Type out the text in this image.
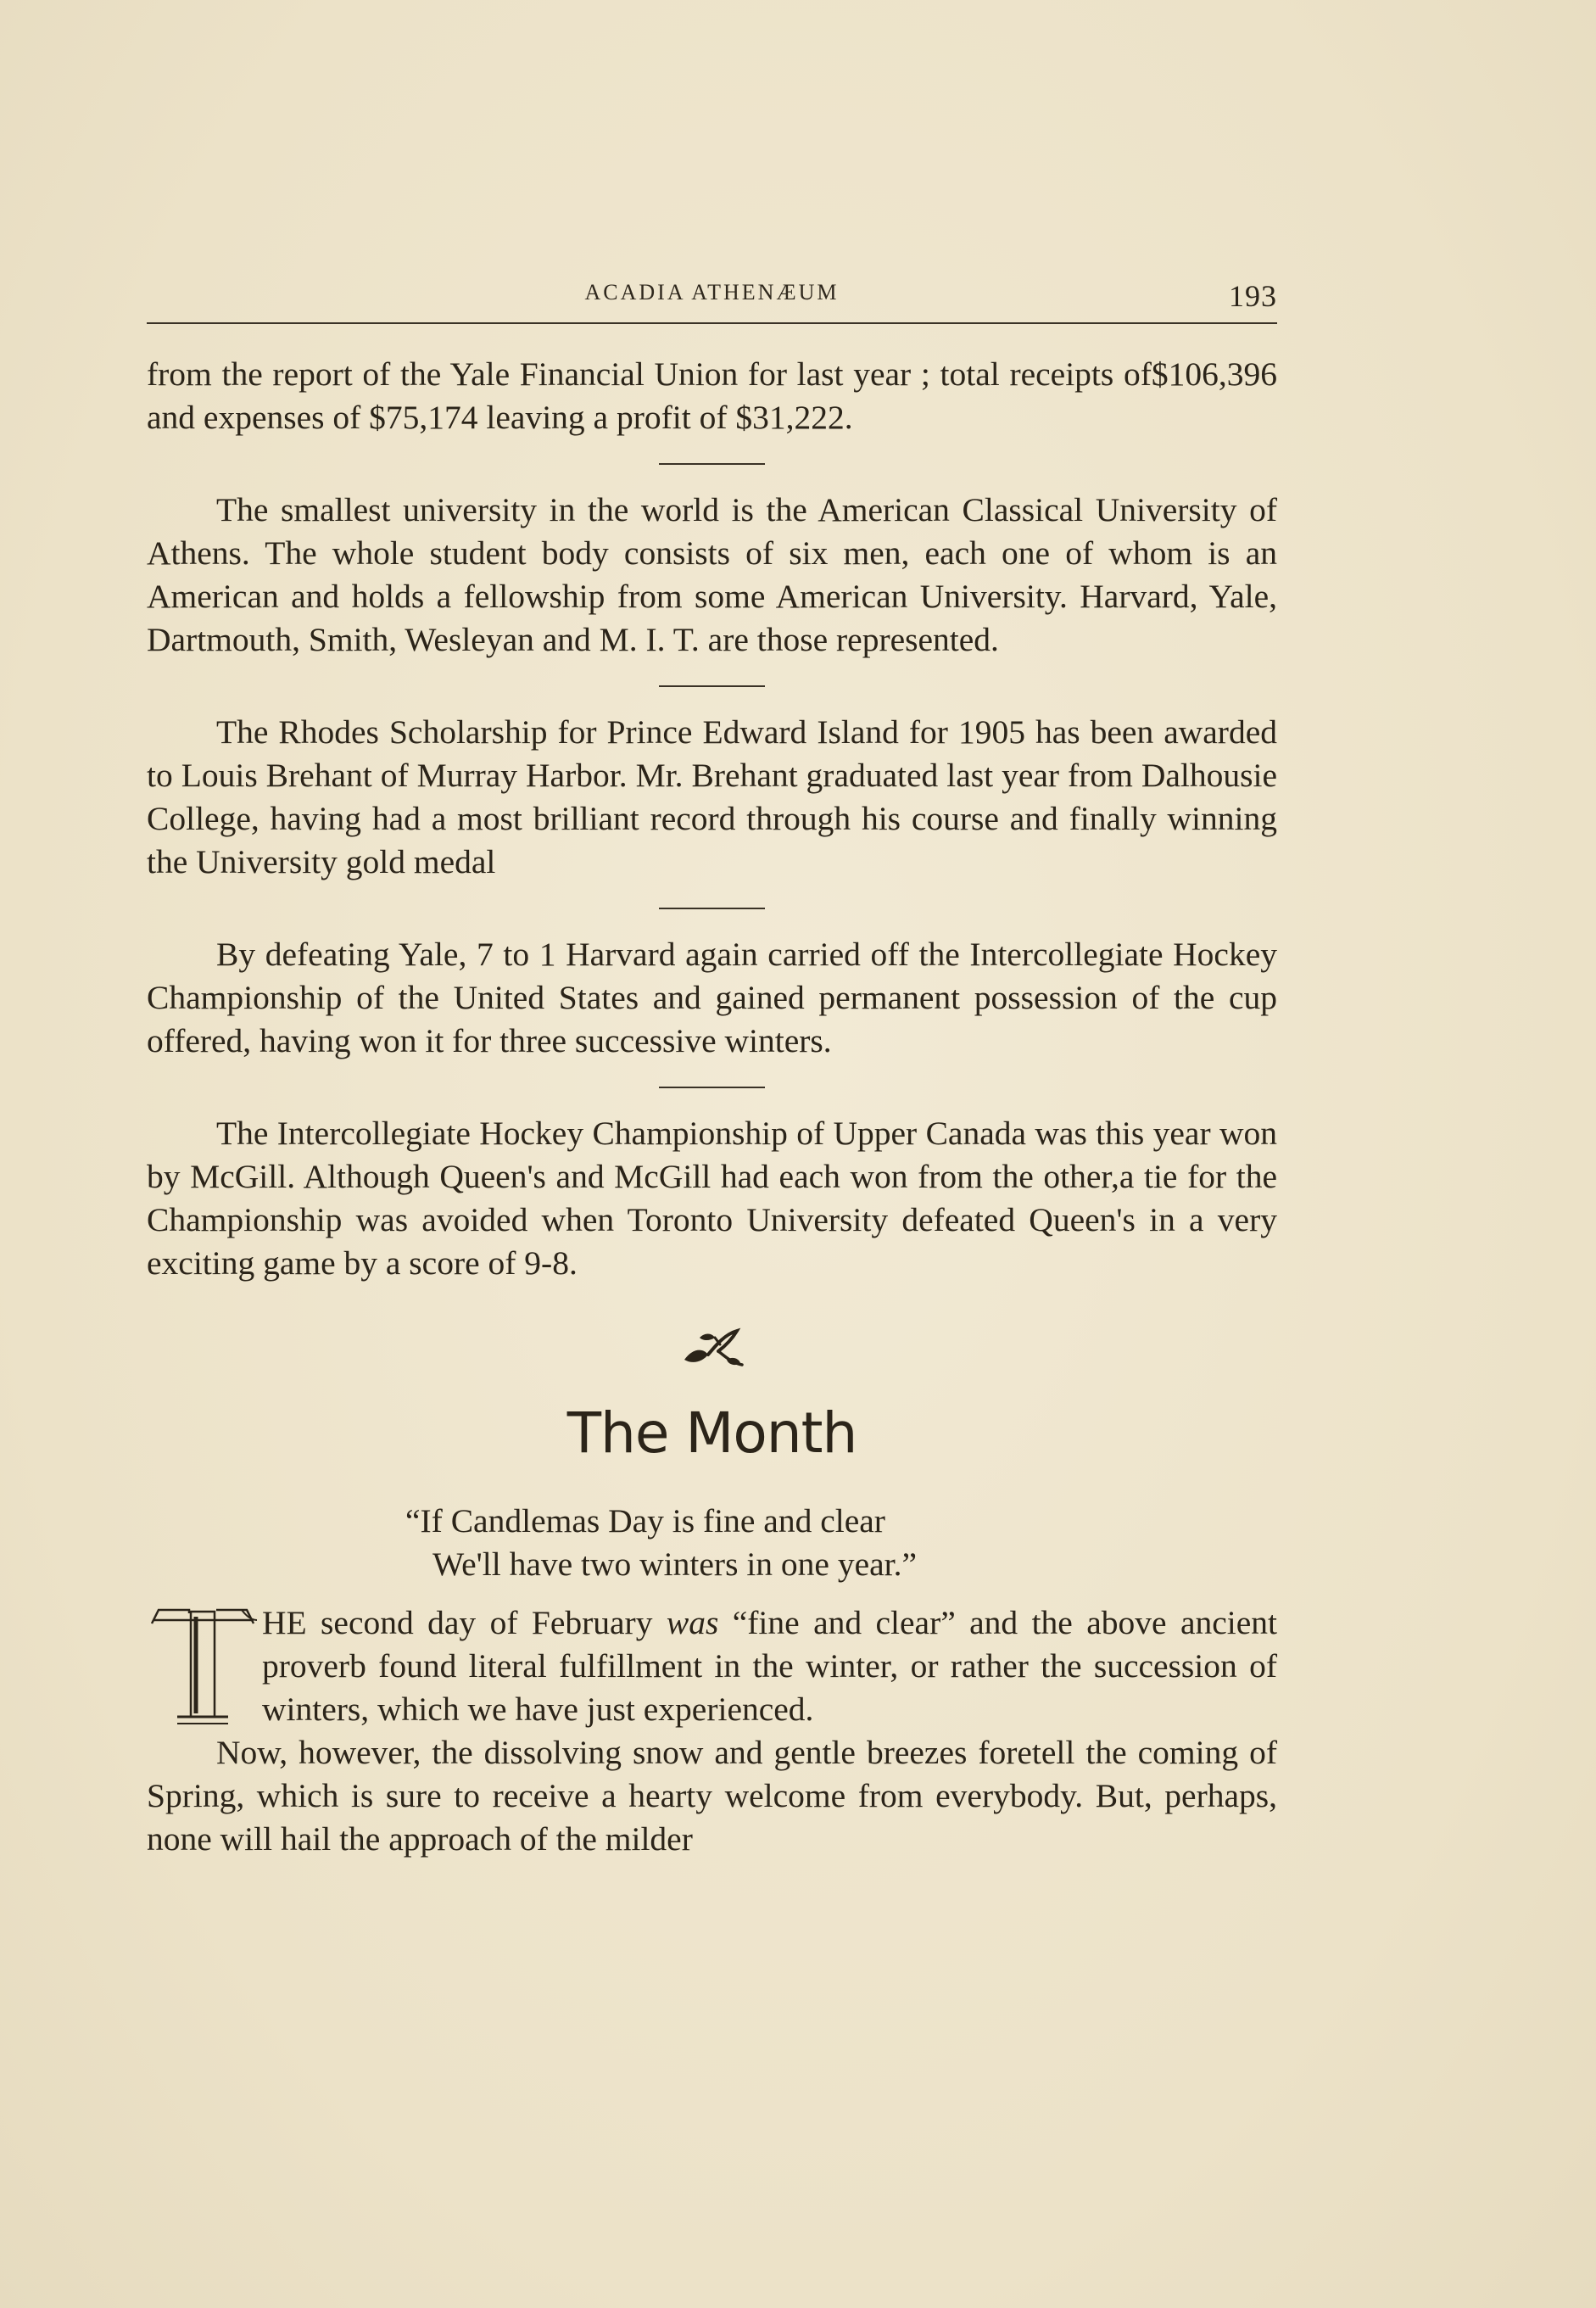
ACADIA ATHENÆUM	193

from the report of the Yale Financial Union for last year ; total receipts of$106,396 and expenses of $75,174 leaving a profit of $31,222.

The smallest university in the world is the American Classical University of Athens. The whole student body consists of six men, each one of whom is an American and holds a fellowship from some American University. Harvard, Yale, Dartmouth, Smith, Wesleyan and M. I. T. are those represented.

The Rhodes Scholarship for Prince Edward Island for 1905 has been awarded to Louis Brehant of Murray Harbor. Mr. Brehant graduated last year from Dalhousie College, having had a most brilliant record through his course and finally winning the University gold medal

By defeating Yale, 7 to 1 Harvard again carried off the Intercollegiate Hockey Championship of the United States and gained permanent possession of the cup offered, having won it for three successive winters.

The Intercollegiate Hockey Championship of Upper Canada was this year won by McGill. Although Queen's and McGill had each won from the other,a tie for the Championship was avoided when Toronto University defeated Queen's in a very exciting game by a score of 9-8.

The Month
“If Candlemas Day is fine and clear
We'll have two winters in one year.”

HE second day of February was “fine and clear” and the above ancient proverb found literal fulfillment in the winter, or rather the succession of winters, which we have just experienced.

Now, however, the dissolving snow and gentle breezes foretell the coming of Spring, which is sure to receive a hearty welcome from everybody. But, perhaps, none will hail the approach of the milder
